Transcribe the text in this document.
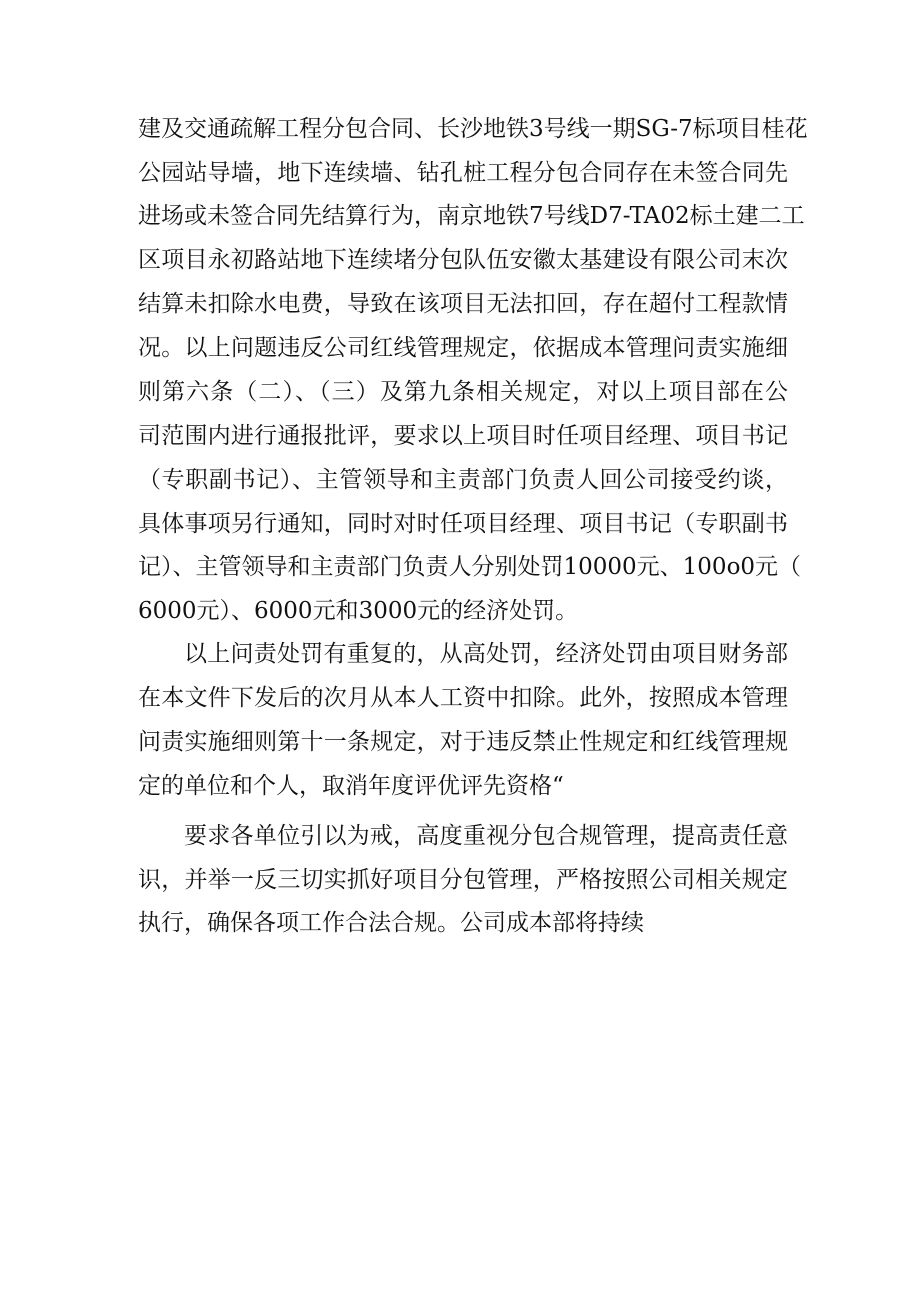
建及交通疏解工程分包合同、长沙地铁3号线一期SG-7标项目桂花
公园站导墙，地下连续墙、钻孔桩工程分包合同存在未签合同先
进场或未签合同先结算行为，南京地铁7号线D7-TA02标土建二工
区项目永初路站地下连续堵分包队伍安徽太基建设有限公司末次
结算未扣除水电费，导致在该项目无法扣回，存在超付工程款情
况。以上问题违反公司红线管理规定，依据成本管理问责实施细
则第六条（二）、（三）及第九条相关规定，对以上项目部在公
司范围内进行通报批评，要求以上项目时任项目经理、项目书记
（专职副书记）、主管领导和主责部门负责人回公司接受约谈，
具体事项另行通知，同时对时任项目经理、项目书记（专职副书
记）、主管领导和主责部门负责人分别处罚10000元、100o0元（
6000元）、6000元和3000元的经济处罚。
以上问责处罚有重复的，从高处罚，经济处罚由项目财务部
在本文件下发后的次月从本人工资中扣除。此外，按照成本管理
问责实施细则第十一条规定，对于违反禁止性规定和红线管理规
定的单位和个人，取消年度评优评先资格“
要求各单位引以为戒，高度重视分包合规管理，提高责任意
识，并举一反三切实抓好项目分包管理，严格按照公司相关规定
执行，确保各项工作合法合规。公司成本部将持续
